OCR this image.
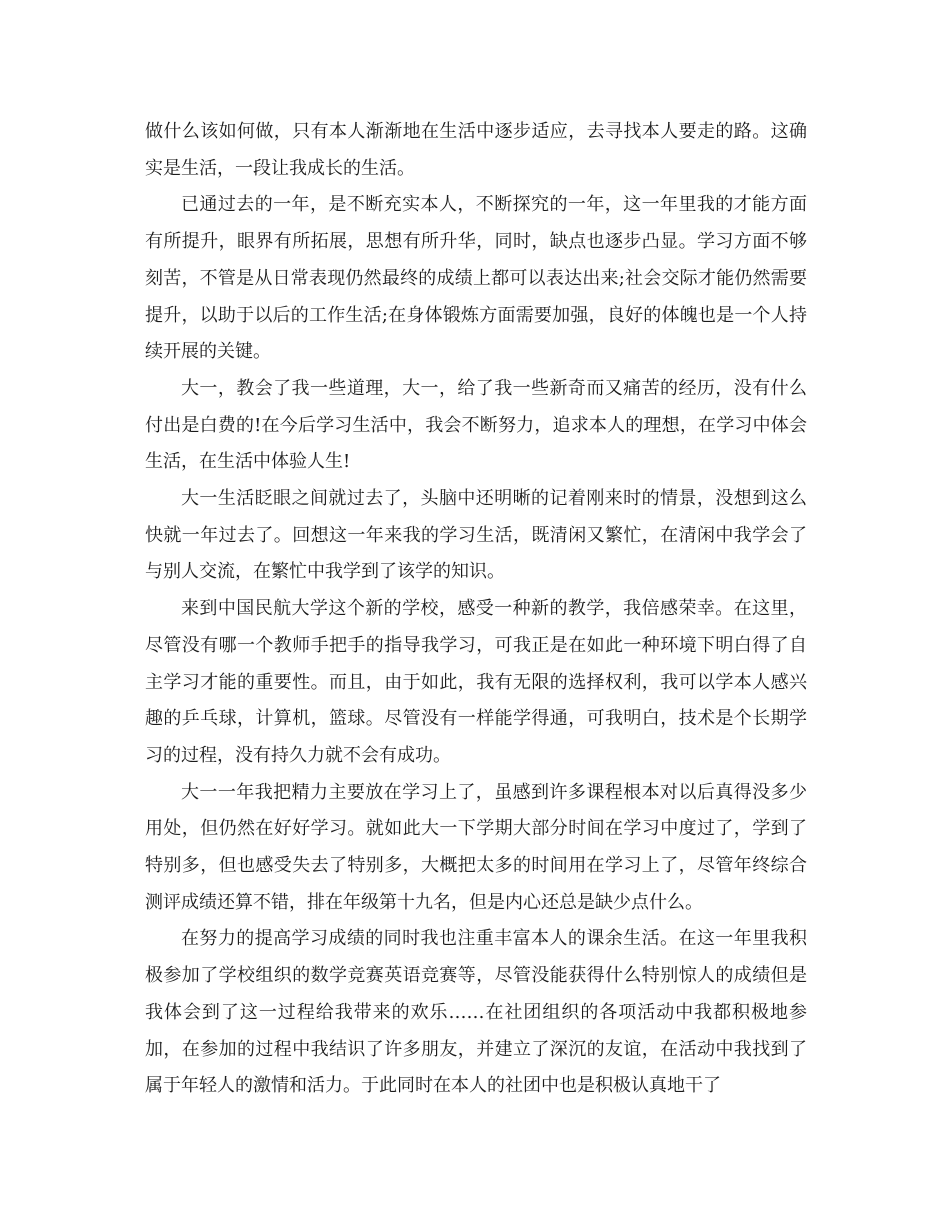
做什么该如何做，只有本人渐渐地在生活中逐步适应，去寻找本人要走的路。这确实是生活，一段让我成长的生活。

已通过去的一年，是不断充实本人，不断探究的一年，这一年里我的才能方面有所提升，眼界有所拓展，思想有所升华，同时，缺点也逐步凸显。学习方面不够刻苦，不管是从日常表现仍然最终的成绩上都可以表达出来;社会交际才能仍然需要提升，以助于以后的工作生活;在身体锻炼方面需要加强，良好的体魄也是一个人持续开展的关键。

大一，教会了我一些道理，大一，给了我一些新奇而又痛苦的经历，没有什么付出是白费的!在今后学习生活中，我会不断努力，追求本人的理想，在学习中体会生活，在生活中体验人生!

大一生活眨眼之间就过去了，头脑中还明晰的记着刚来时的情景，没想到这么快就一年过去了。回想这一年来我的学习生活，既清闲又繁忙，在清闲中我学会了与别人交流，在繁忙中我学到了该学的知识。

来到中国民航大学这个新的学校，感受一种新的教学，我倍感荣幸。在这里，尽管没有哪一个教师手把手的指导我学习，可我正是在如此一种环境下明白得了自主学习才能的重要性。而且，由于如此，我有无限的选择权利，我可以学本人感兴趣的乒乓球，计算机，篮球。尽管没有一样能学得通，可我明白，技术是个长期学习的过程，没有持久力就不会有成功。

大一一年我把精力主要放在学习上了，虽感到许多课程根本对以后真得没多少用处，但仍然在好好学习。就如此大一下学期大部分时间在学习中度过了，学到了特别多，但也感受失去了特别多，大概把太多的时间用在学习上了，尽管年终综合测评成绩还算不错，排在年级第十九名，但是内心还总是缺少点什么。

在努力的提高学习成绩的同时我也注重丰富本人的课余生活。在这一年里我积极参加了学校组织的数学竞赛英语竞赛等，尽管没能获得什么特别惊人的成绩但是我体会到了这一过程给我带来的欢乐……在社团组织的各项活动中我都积极地参加，在参加的过程中我结识了许多朋友，并建立了深沉的友谊，在活动中我找到了属于年轻人的激情和活力。于此同时在本人的社团中也是积极认真地干了
